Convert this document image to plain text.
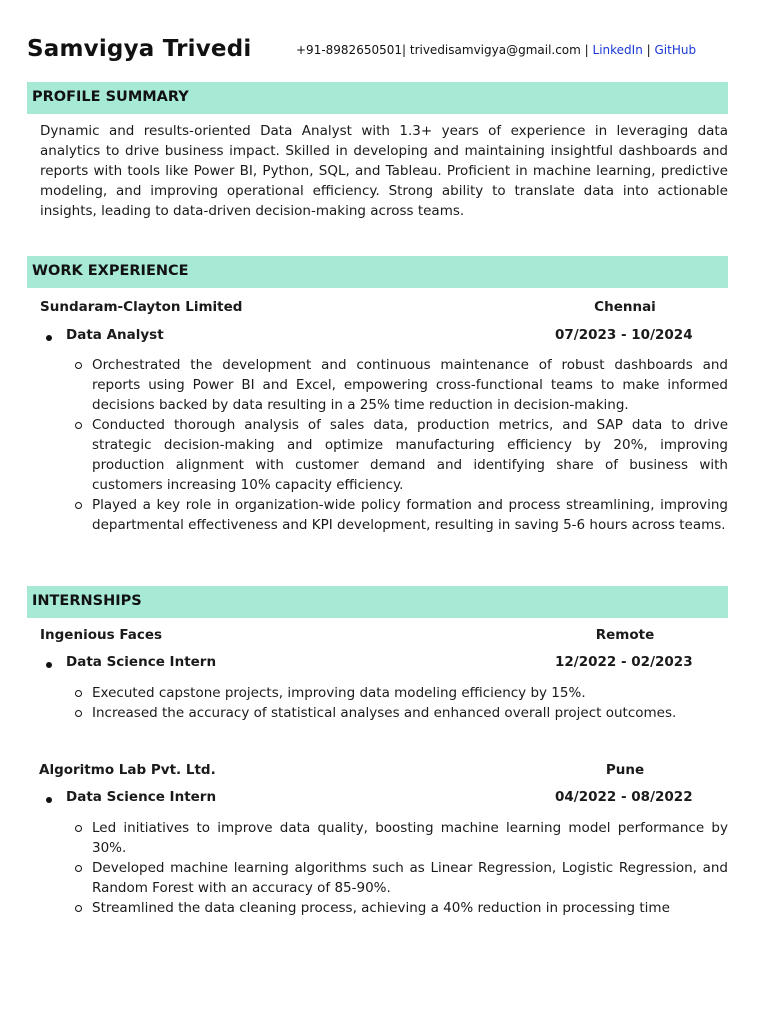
Samvigya Trivedi	+91-8982650501| trivedisamvigya@gmail.com | LinkedIn | GitHub
PROFILE SUMMARY
Dynamic and results-oriented Data Analyst with 1.3+ years of experience in leveraging data analytics to drive business impact. Skilled in developing and maintaining insightful dashboards and reports with tools like Power BI, Python, SQL, and Tableau. Proficient in machine learning, predictive modeling, and improving operational efficiency. Strong ability to translate data into actionable insights, leading to data-driven decision-making across teams.
WORK EXPERIENCE
Sundaram-Clayton Limited	Chennai
Data Analyst	07/2023 - 10/2024
Orchestrated the development and continuous maintenance of robust dashboards and reports using Power BI and Excel, empowering cross-functional teams to make informed decisions backed by data resulting in a 25% time reduction in decision-making.
Conducted thorough analysis of sales data, production metrics, and SAP data to drive strategic decision-making and optimize manufacturing efficiency by 20%, improving production alignment with customer demand and identifying share of business with customers increasing 10% capacity efficiency.
Played a key role in organization-wide policy formation and process streamlining, improving departmental effectiveness and KPI development, resulting in saving 5-6 hours across teams.
INTERNSHIPS
Ingenious Faces	Remote
Data Science Intern	12/2022 - 02/2023
Executed capstone projects, improving data modeling efficiency by 15%.
Increased the accuracy of statistical analyses and enhanced overall project outcomes.
Algoritmo Lab Pvt. Ltd.	Pune
Data Science Intern	04/2022 - 08/2022
Led initiatives to improve data quality, boosting machine learning model performance by 30%.
Developed machine learning algorithms such as Linear Regression, Logistic Regression, and Random Forest with an accuracy of 85-90%.
Streamlined the data cleaning process, achieving a 40% reduction in processing time
